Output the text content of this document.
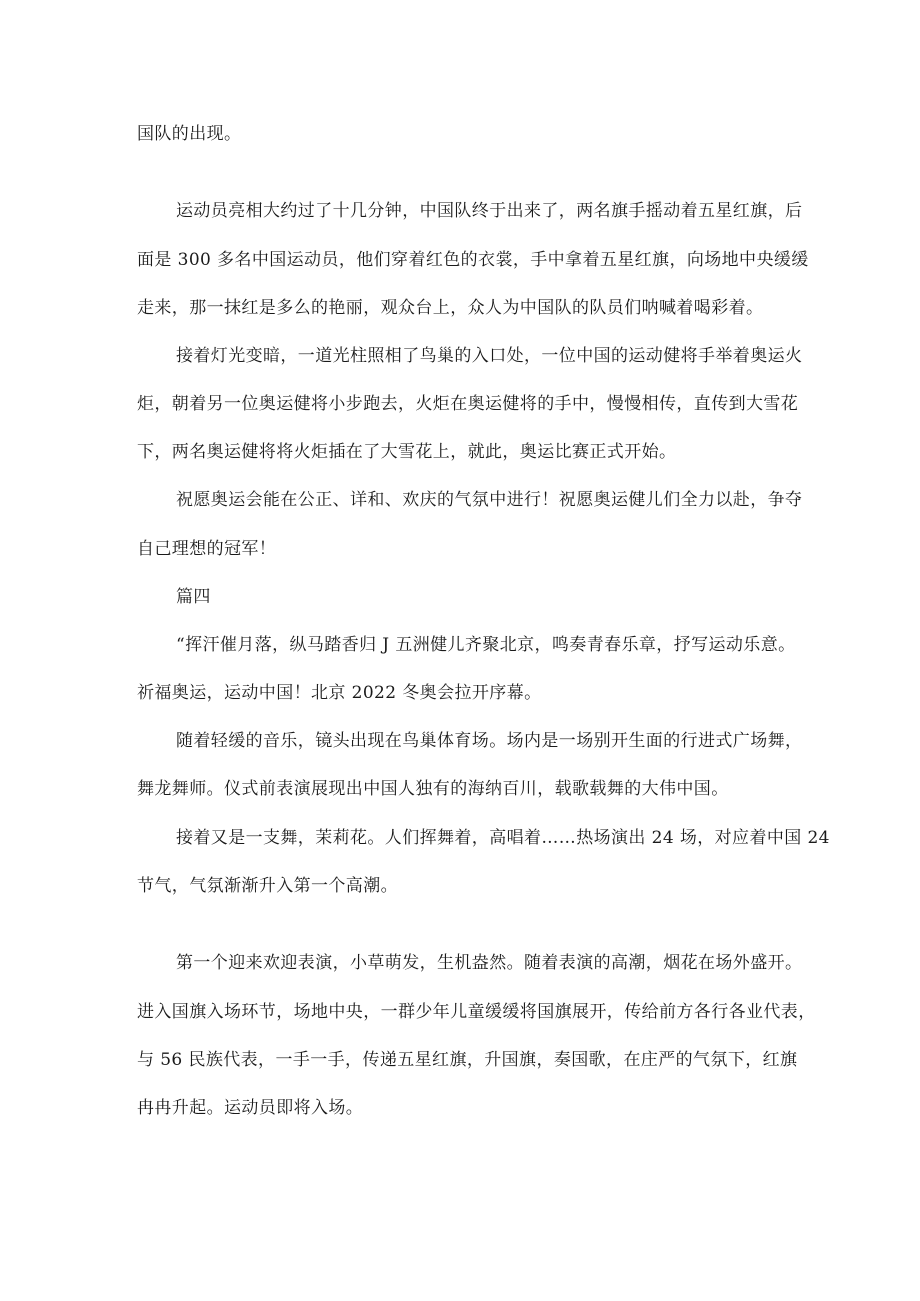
国队的出现。
运动员亮相大约过了十几分钟，中国队终于出来了，两名旗手摇动着五星红旗，后
面是 300 多名中国运动员，他们穿着红色的衣裳，手中拿着五星红旗，向场地中央缓缓
走来，那一抹红是多么的艳丽，观众台上，众人为中国队的队员们呐喊着喝彩着。
接着灯光变暗，一道光柱照相了鸟巢的入口处，一位中国的运动健将手举着奥运火
炬，朝着另一位奥运健将小步跑去，火炬在奥运健将的手中，慢慢相传，直传到大雪花
下，两名奥运健将将火炬插在了大雪花上，就此，奥运比赛正式开始。
祝愿奥运会能在公正、详和、欢庆的气氛中进行！祝愿奥运健儿们全力以赴，争夺
自己理想的冠军！
篇四
“挥汗催月落，纵马踏香归 J 五洲健儿齐聚北京，鸣奏青春乐章，抒写运动乐意。
祈福奥运，运动中国！北京 2022 冬奥会拉开序幕。
随着轻缓的音乐，镜头出现在鸟巢体育场。场内是一场别开生面的行进式广场舞，
舞龙舞师。仪式前表演展现出中国人独有的海纳百川，载歌载舞的大伟中国。
接着又是一支舞，茉莉花。人们挥舞着，高唱着……热场演出 24 场，对应着中国 24
节气，气氛渐渐升入第一个高潮。
第一个迎来欢迎表演，小草萌发，生机盎然。随着表演的高潮，烟花在场外盛开。
进入国旗入场环节，场地中央，一群少年儿童缓缓将国旗展开，传给前方各行各业代表，
与 56 民族代表，一手一手，传递五星红旗，升国旗，奏国歌，在庄严的气氛下，红旗
冉冉升起。运动员即将入场。
